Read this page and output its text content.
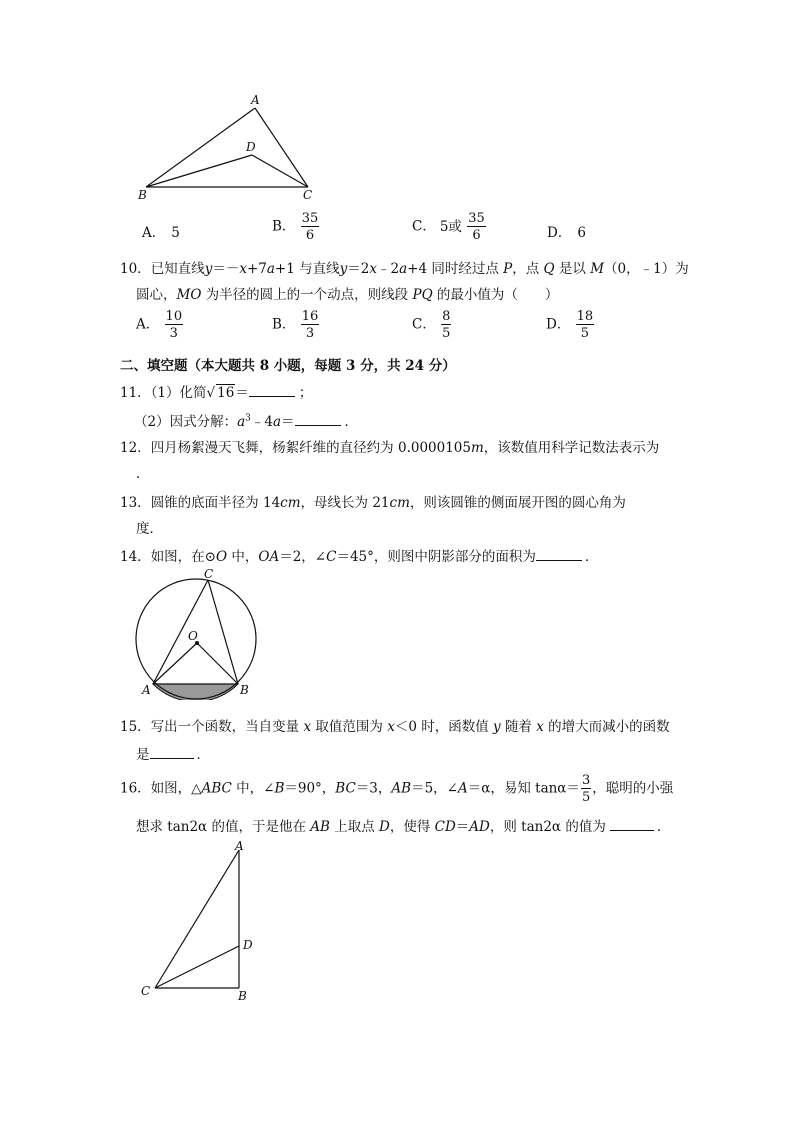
A
D
B	C
A． 5	B． $\frac{35}{6}$	C． 5或 $\frac{35}{6}$	D． 6
10．已知直线y＝－x+7a+1 与直线y＝2x﹣2a+4 同时经过点 P，点 Q 是以 M（0，﹣1）为
圆心，MO 为半径的圆上的一个动点，则线段 PQ 的最小值为（　　）
A． $\frac{10}{3}$	B． $\frac{16}{3}$	C． $\frac{8}{5}$	D． $\frac{18}{5}$
二、填空题（本大题共 8 小题，每题 3 分，共 24 分）
11．（1）化简√ 16＝	；
（2）因式分解：$a^3﹣4a=$	．
12．四月杨絮漫天飞舞，杨絮纤维的直径约为 0.0000105m，该数值用科学记数法表示为
．
13．圆锥的底面半径为 14cm，母线长为 21cm，则该圆锥的侧面展开图的圆心角为
度．
14．如图，在⊙O 中，OA＝2，∠C＝45°，则图中阴影部分的面积为	．
C
O
A	B
15．写出一个函数，当自变量 x 取值范围为 x＜0 时，函数值 y 随着 x 的增大而减小的函数
是	．
16．如图，△ABC 中，∠B＝90°，BC＝3，AB＝5，∠A＝α，易知 $\tan\alpha= \frac{3}{5}$ ，聪明的小强
想求 tan2α 的值，于是他在 AB 上取点 D，使得 CD＝AD，则 tan2α 的值为	．
A
D
C	B
